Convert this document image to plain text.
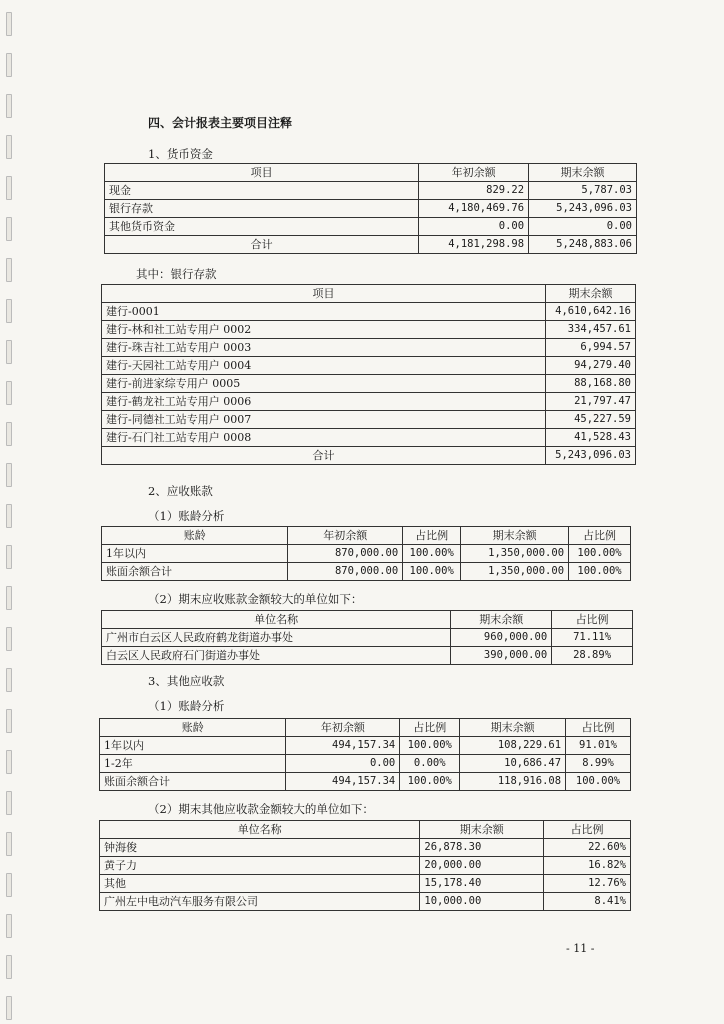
四、会计报表主要项目注释
1、货币资金
项目	年初余额	期末余额
现金	829.22	5,787.03
银行存款	4,180,469.76	5,243,096.03
其他货币资金	0.00	0.00
合计	4,181,298.98	5,248,883.06
其中：银行存款
项目	期末余额
建行-0001	4,610,642.16
建行-林和社工站专用户 0002	334,457.61
建行-珠吉社工站专用户 0003	6,994.57
建行-天园社工站专用户 0004	94,279.40
建行-前进家综专用户 0005	88,168.80
建行-鹤龙社工站专用户 0006	21,797.47
建行-同德社工站专用户 0007	45,227.59
建行-石门社工站专用户 0008	41,528.43
合计	5,243,096.03
2、应收账款
（1）账龄分析
账龄	年初余额	占比例	期末余额	占比例
1年以内	870,000.00	100.00%	1,350,000.00	100.00%
账面余额合计	870,000.00	100.00%	1,350,000.00	100.00%
（2）期末应收账款金额较大的单位如下：
单位名称	期末余额	占比例
广州市白云区人民政府鹤龙街道办事处	960,000.00	71.11%
白云区人民政府石门街道办事处	390,000.00	28.89%
3、其他应收款
（1）账龄分析
账龄	年初余额	占比例	期末余额	占比例
1年以内	494,157.34	100.00%	108,229.61	91.01%
1-2年	0.00	0.00%	10,686.47	8.99%
账面余额合计	494,157.34	100.00%	118,916.08	100.00%
（2）期末其他应收款金额较大的单位如下：
单位名称	期末余额	占比例
钟海俊	26,878.30	22.60%
黄子力	20,000.00	16.82%
其他	15,178.40	12.76%
广州左中电动汽车服务有限公司	10,000.00	8.41%
- 11 -
